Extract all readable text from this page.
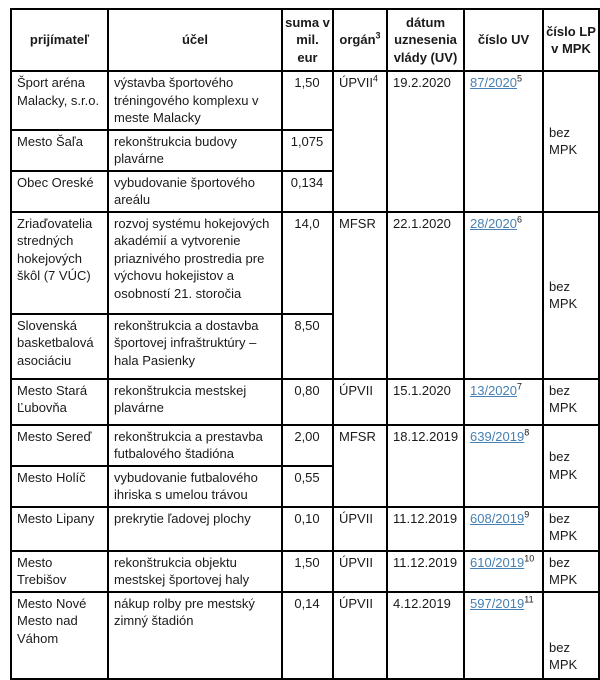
prijímateľ	účel	suma v mil. eur	orgán$^3$	dátum uznesenia vlády (UV)	číslo UV	číslo LP v MPK
Šport aréna Malacky, s.r.o.	výstavba športového tréningového komplexu v meste Malacky	1,50	ÚPVII$^4$	19.2.2020	87/2020$^5$	bez MPK
Mesto Šaľa	rekonštrukcia budovy plavárne	1,075				
Obec Oreské	vybudovanie športového areálu	0,134				
Zriaďovatelia stredných hokejových škôl (7 VÚC)	rozvoj systému hokejových akadémií a vytvorenie priaznivého prostredia pre výchovu hokejistov a osobností 21. storočia	14,0	MFSR	22.1.2020	28/2020$^6$	bez MPK
Slovenská basketbalová asociáciu	rekonštrukcia a dostavba športovej infraštruktúry – hala Pasienky	8,50				
Mesto Stará Ľubovňa	rekonštrukcia mestskej plavárne	0,80	ÚPVII	15.1.2020	13/2020$^7$	bez MPK
Mesto Sereď	rekonštrukcia a prestavba futbalového štadióna	2,00	MFSR	18.12.2019	639/2019$^8$	bez MPK
Mesto Holíč	vybudovanie futbalového ihriska s umelou trávou	0,55				
Mesto Lipany	prekrytie ľadovej plochy	0,10	ÚPVII	11.12.2019	608/2019$^9$	bez MPK
Mesto Trebišov	rekonštrukcia objektu mestskej športovej haly	1,50	ÚPVII	11.12.2019	610/2019$^{10}$	bez MPK
Mesto Nové Mesto nad Váhom	nákup rolby pre mestský zimný štadión	0,14	ÚPVII	4.12.2019	597/2019$^{11}$	bez MPK
